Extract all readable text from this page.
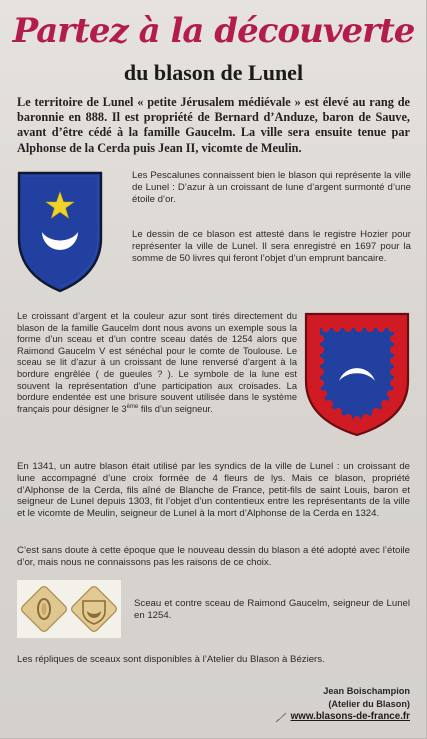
Partez à la découverte
du blason de Lunel

Le territoire de Lunel « petite Jérusalem médiévale » est élevé au rang de baronnie en 888. Il est propriété de Bernard d’Anduze, baron de Sauve, avant d’être cédé à la famille Gaucelm. La ville sera ensuite tenue par Alphonse de la Cerda puis Jean II, vicomte de Meulin.

Les Pescalunes connaissent bien le blason qui représente la ville de Lunel : D’azur à un croissant de lune d’argent surmonté d’une étoile d’or.

Le dessin de ce blason est attesté dans le registre Hozier pour représenter la ville de Lunel. Il sera enregistré en 1697 pour la somme de 50 livres qui feront l’objet d’un emprunt bancaire.

Le croissant d’argent et la couleur azur sont tirés directement du blason de la famille Gaucelm dont nous avons un exemple sous la forme d’un sceau et d’un contre sceau datés de 1254 alors que Raimond Gaucelm V est sénéchal pour le comte de Toulouse. Le sceau se lit d’azur à un croissant de lune renversé d’argent à la bordure engrêlée ( de gueules ? ). Le symbole de la lune est souvent la représentation d’une participation aux croisades. La bordure endentée est une brisure souvent utilisée dans le système français pour désigner le 3ème fils d’un seigneur.

En 1341, un autre blason était utilisé par les syndics de la ville de Lunel : un croissant de lune accompagné d’une croix formée de 4 fleurs de lys. Mais ce blason, propriété d’Alphonse de la Cerda, fils aîné de Blanche de France, petit-fils de saint Louis, baron et seigneur de Lunel depuis 1303, fit l’objet d’un contentieux entre les représentants de la ville et le vicomte de Meulin, seigneur de Lunel à la mort d’Alphonse de la Cerda en 1324.

C’est sans doute à cette époque que le nouveau dessin du blason a été adopté avec l’étoile d’or, mais nous ne connaissons pas les raisons de ce choix.

Sceau et contre sceau de Raimond Gaucelm, seigneur de Lunel en 1254.

Les répliques de sceaux sont disponibles à l’Atelier du Blason à Béziers.

Jean Boischampion
(Atelier du Blason)
www.blasons-de-france.fr
